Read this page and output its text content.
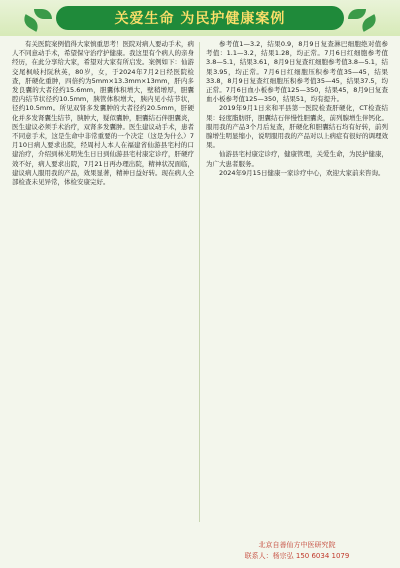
关爱生命 为民护健康案例

有关医院案例值得大家慎重思考！医院对病人要动手术，病人不同意动手术，希望保守治疗护健康。我这里有个病人的亲身经历，在此分享给大家，希望对大家有所启发。案例如下：仙游交尾枫岐村阮秋英，80岁，女，于2024年7月2日经医院检查，肝硬化重肿，四倍约为5mm×13.3mm×13mm，肝内多发良囊的大者径约15.6mm，胆囊体积增大，壁稍增厚，胆囊腔内结节状径约10.5mm，胰管体积增大，胰内见小结节状，径约10.5mm。所见双肾多发囊肿的大者径约20.5mm，肝硬化并多发肾囊生结节，胰肿大，疑似囊肿，胆囊结石伴胆囊炎，医生建议必须手术治疗，双肾多发囊肿。医生建议动手术，患者不同意手术，这是生命中非常重要的一个决定（这是为什么）7月10日病人要求出院，经周村人本人在福建省仙游县宅村的口建治疗，介绍到林光明先生日日到仙游县宅村康定诊疗，肝硬疗效不好，病人要求出院，7月21日再办理出院，精神状况面临，建议病人服用我的产品，效果显著，精神日益好转。现在病人全部检查未见异常，体检安康完好。

参考值1—3.2，结果0.9，8月9日复查淋巴细胞绝对值参考值：1.1—3.2，结果1.28，均正常。7月6日红细胞参考值3.8—5.1，结果3.61，8月9日复查红细胞参考值3.8—5.1，结果3.95，均正常。7月6日红细胞压积参考值35—45，结果33.8，8月9日复查红细胞压积参考值35—45，结果37.5，均正常。7月6日血小板参考值125—350，结果45，8月9日复查血小板参考值125—350，结果51，均有提升。

2019年9月1日来和平县第一医院检查肝硬化，CT检查结果：轻度脂肪肝，胆囊结石伴慢性胆囊炎，前列腺增生伴钙化。服用我的产品3个月后复查，肝硬化和胆囊结石均有好转，前列腺增生明显缩小，说明服用我的产品对以上病症有很好的调理效果。

仙游县宅村康定诊疗，健康管理，关爱生命，为民护健康，为广大患者服务。

2024年9月15日健康一家诊疗中心，欢迎大家前来咨询。

北京自善仙方中医研究院
联系人：杨宗弘 150 6034 1079
